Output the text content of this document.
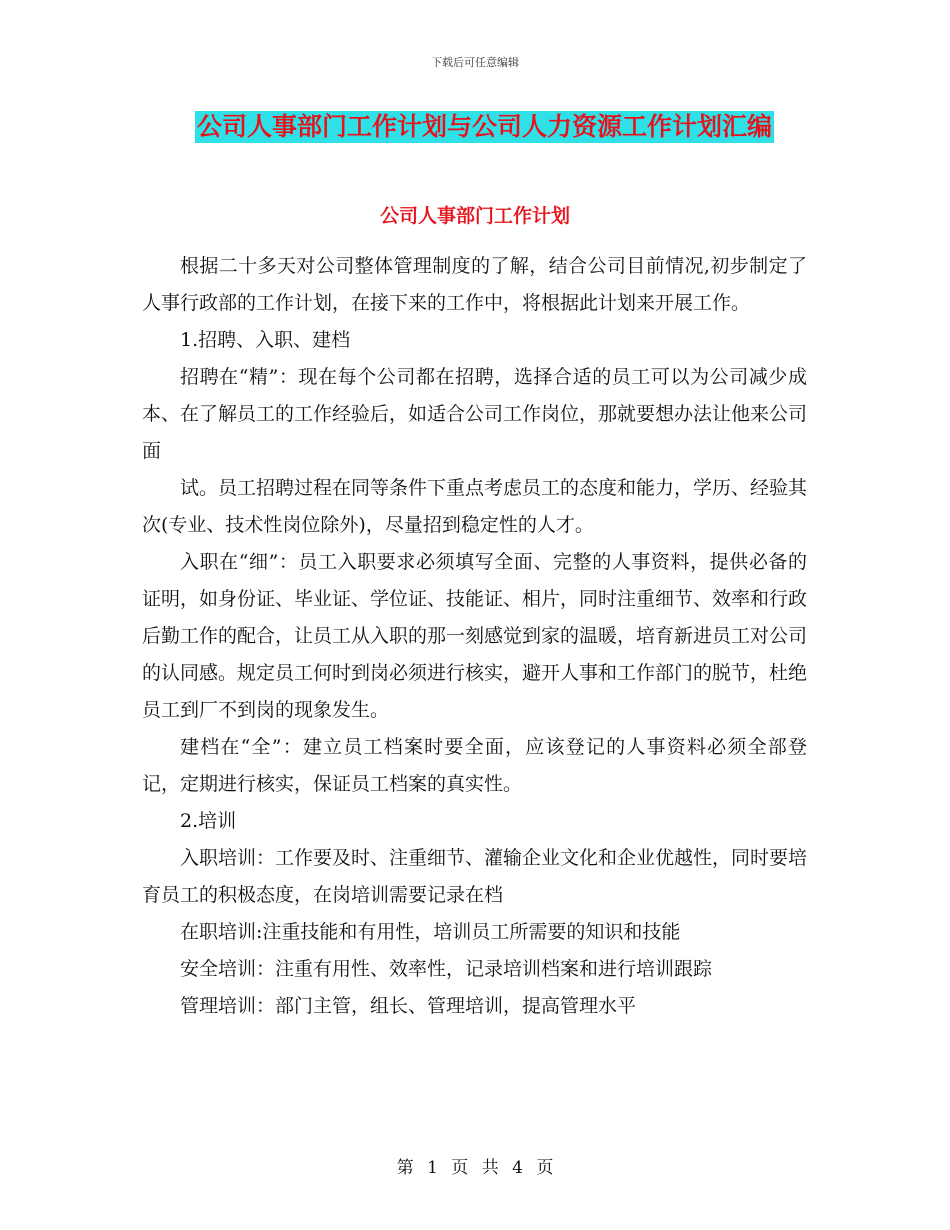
下载后可任意编辑
公司人事部门工作计划与公司人力资源工作计划汇编
公司人事部门工作计划

根据二十多天对公司整体管理制度的了解，结合公司目前情况,初步制定了人事行政部的工作计划，在接下来的工作中，将根据此计划来开展工作。

1.招聘、入职、建档

招聘在“精”：现在每个公司都在招聘，选择合适的员工可以为公司减少成本、在了解员工的工作经验后，如适合公司工作岗位，那就要想办法让他来公司面

试。员工招聘过程在同等条件下重点考虑员工的态度和能力，学历、经验其次(专业、技术性岗位除外)，尽量招到稳定性的人才。

入职在“细”：员工入职要求必须填写全面、完整的人事资料，提供必备的证明，如身份证、毕业证、学位证、技能证、相片，同时注重细节、效率和行政后勤工作的配合，让员工从入职的那一刻感觉到家的温暖，培育新进员工对公司的认同感。规定员工何时到岗必须进行核实，避开人事和工作部门的脱节，杜绝员工到厂不到岗的现象发生。

建档在“全”：建立员工档案时要全面，应该登记的人事资料必须全部登记，定期进行核实，保证员工档案的真实性。

2.培训

入职培训：工作要及时、注重细节、灌输企业文化和企业优越性，同时要培育员工的积极态度，在岗培训需要记录在档

在职培训:注重技能和有用性，培训员工所需要的知识和技能

安全培训：注重有用性、效率性，记录培训档案和进行培训跟踪

管理培训：部门主管，组长、管理培训，提高管理水平

第 1 页 共 4 页
